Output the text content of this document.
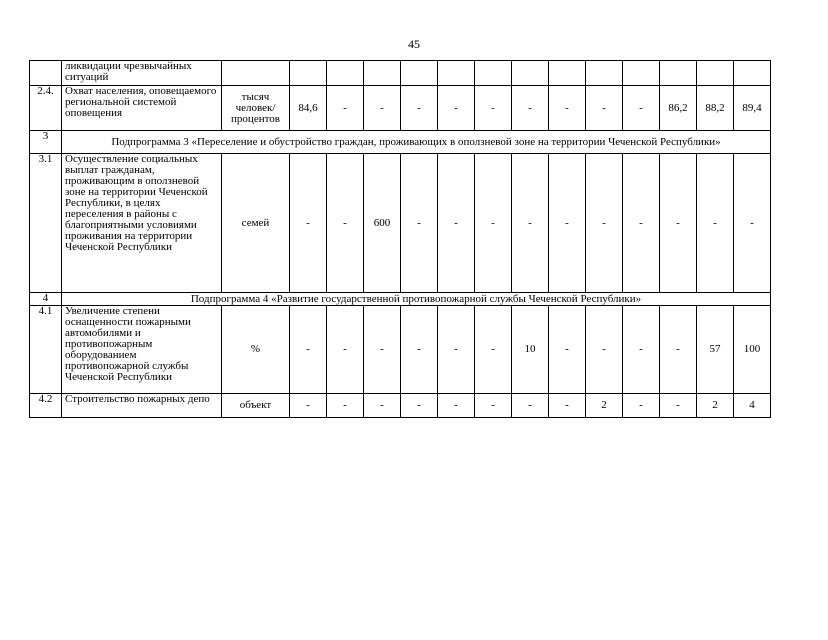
45
	ликвидации чрезвычайных ситуаций														
2.4.	Охват населения, оповещаемого региональной системой оповещения	тысяч человек/ процентов	84,6	-	-	-	-	-	-	-	-	-	86,2	88,2	89,4
3	Подпрограмма 3 «Переселение и обустройство граждан, проживающих в оползневой зоне на территории Чеченской Республики»														
3.1	Осуществление социальных выплат гражданам, проживающим в оползневой зоне на территории Чеченской Республики, в целях переселения в районы с благоприятными условиями проживания на территории Чеченской Республики	семей	-	-	600	-	-	-	-	-	-	-	-	-	-
4	Подпрограмма 4 «Развитие государственной противопожарной службы Чеченской Республики»														
4.1	Увеличение степени оснащенности пожарными автомобилями и противопожарным оборудованием противопожарной службы Чеченской Республики	%	-	-	-	-	-	-	10	-	-	-	-	57	100
4.2	Строительство пожарных депо	объект	-	-	-	-	-	-	-	-	2	-	-	2	4
